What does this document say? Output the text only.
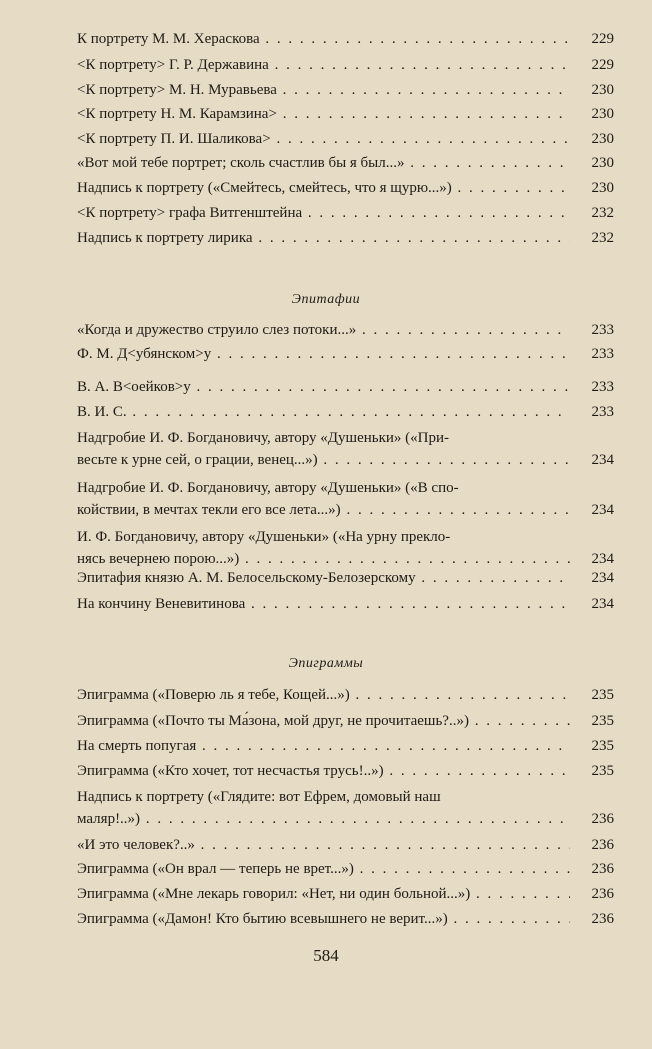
К портрету М. М. Хераскова . . .	229
<К портрету> Г. Р. Державина . . .	229
<К портрету> М. Н. Муравьева . . .	230
<К портрету Н. М. Карамзина> . . .	230
<К портрету П. И. Шаликова> . . .	230
«Вот мой тебе портрет; сколь счастлив бы я был...» . . .	230
Надпись к портрету («Смейтесь, смейтесь, что я щурю...») . . .	230
<К портрету> графа Витгенштейна . . .	232
Надпись к портрету лирика . . .	232
Эпитафии
«Когда и дружество струило слез потоки...» . . .	233
Ф. М. Д<убянском>у . . .	233
В. А. В<оейков>у . . .	233
В. И. С. . . .	233
Надгробие И. Ф. Богдановичу, автору «Душеньки» («При-
весьте к урне сей, о грации, венец...») . . .	234
Надгробие И. Ф. Богдановичу, автору «Душеньки» («В спо-
койствии, в мечтах текли его все лета...») . . .	234
И. Ф. Богдановичу, автору «Душеньки» («На урну прекло-
нясь вечернею порою...») . . .	234
Эпитафия князю А. М. Белосельскому-Белозерскому . . .	234
На кончину Веневитинова . . .	234
Эпиграммы
Эпиграмма («Поверю ль я тебе, Кощей...») . . .	235
Эпиграмма («Почто ты Ма́зона, мой друг, не прочитаешь?..») . . .	235
На смерть попугая . . .	235
Эпиграмма («Кто хочет, тот несчастья трусь!..») . . .	235
Надпись к портрету («Глядите: вот Ефрем, домовый наш
маляр!..») . . .	236
«И это человек?..» . . .	236
Эпиграмма («Он врал — теперь не врет...») . . .	236
Эпиграмма («Мне лекарь говорил: «Нет, ни один больной...») . . .	236
Эпиграмма («Дамон! Кто бытию всевышнего не верит...») . . .	236
584
